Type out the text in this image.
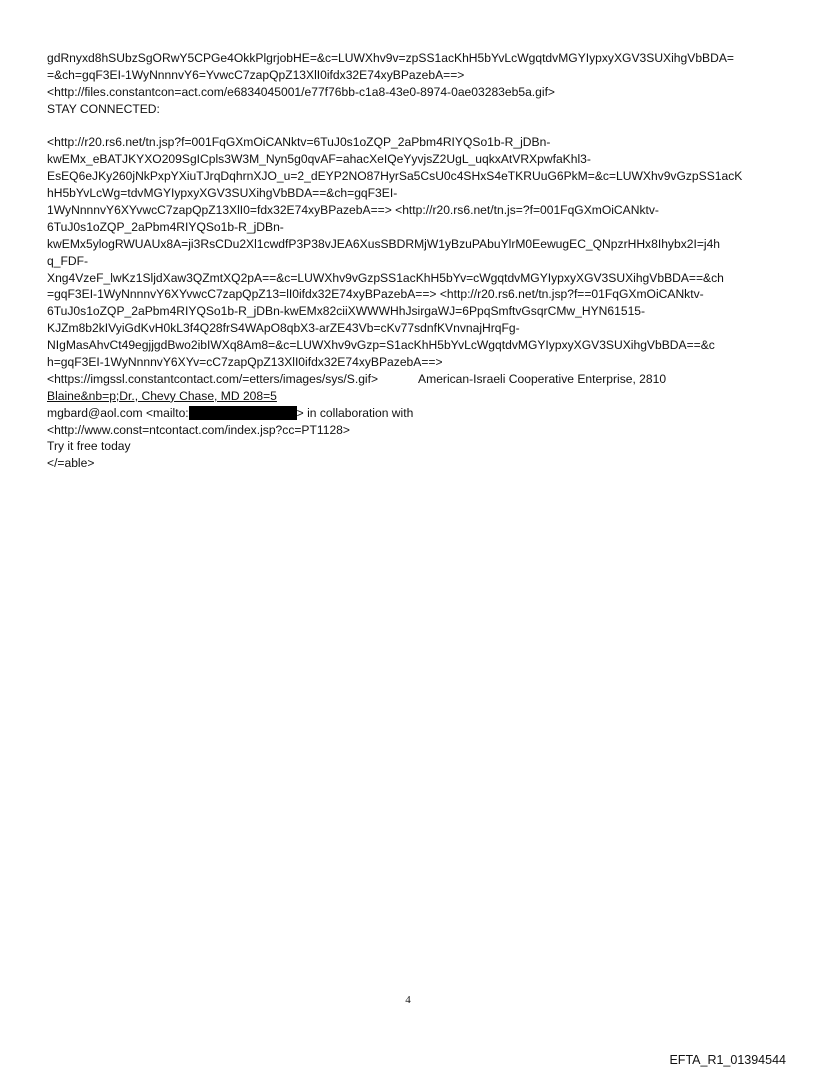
gdRnyxd8hSUbzSgORwY5CPGe4OkkPlgrjobHE=&c=LUWXhv9v=zpSS1acKhH5bYvLcWgqtdvMGYIypxyXGV3SUXihgVbBDA=
=&ch=gqF3EI-1WyNnnnvY6=YvwcC7zapQpZ13XlI0ifdx32E74xyBPazebA==>
<http://files.constantcon=act.com/e6834045001/e77f76bb-c1a8-43e0-8974-0ae03283eb5a.gif>
STAY CONNECTED:
<http://r20.rs6.net/tn.jsp?f=001FqGXmOiCANktv=6TuJ0s1oZQP_2aPbm4RIYQSo1b-R_jDBn-
kwEMx_eBATJKYXO209SgICpls3W3M_Nyn5g0qvAF=ahacXeIQeYyvjsZ2UgL_uqkxAtVRXpwfaKhl3-
EsEQ6eJKy260jNkPxpYXiuTJrqDqhrnXJO_u=2_dEYP2NO87HyrSa5CsU0c4SHxS4eTKRUuG6PkM=&c=LUWXhv9vGzpSS1acK
hH5bYvLcWg=tdvMGYIypxyXGV3SUXihgVbBDA==&ch=gqF3EI-
1WyNnnnvY6XYvwcC7zapQpZ13XlI0=fdx32E74xyBPazebA==> <http://r20.rs6.net/tn.js=?f=001FqGXmOiCANktv-
6TuJ0s1oZQP_2aPbm4RIYQSo1b-R_jDBn-
kwEMx5ylogRWUAUx8A=ji3RsCDu2Xl1cwdfP3P38vJEA6XusSBDRMjW1yBzuPAbuYlrM0EewugEC_QNpzrHHx8Ihybx2I=j4h
q_FDF-
Xng4VzeF_lwKz1SljdXaw3QZmtXQ2pA==&c=LUWXhv9vGzpSS1acKhH5bYv=cWgqtdvMGYIypxyXGV3SUXihgVbBDA==&ch
=gqF3EI-1WyNnnnvY6XYvwcC7zapQpZ13=lI0ifdx32E74xyBPazebA==> <http://r20.rs6.net/tn.jsp?f==01FqGXmOiCANktv-
6TuJ0s1oZQP_2aPbm4RIYQSo1b-R_jDBn-kwEMx82ciiXWWWHhJsirgaWJ=6PpqSmftvGsqrCMw_HYN61515-
KJZm8b2kIVyiGdKvH0kL3f4Q28frS4WApO8qbX3-arZE43Vb=cKv77sdnfKVnvnajHrqFg-
NIgMasAhvCt49egjjgdBwo2ibIWXq8Am8=&c=LUWXhv9vGzp=S1acKhH5bYvLcWgqtdvMGYIypxyXGV3SUXihgVbBDA==&c
h=gqF3EI-1WyNnnnvY6XYv=cC7zapQpZ13XlI0ifdx32E74xyBPazebA==>
<https://imgssl.constantcontact.com/=etters/images/sys/S.gif>	American-Israeli Cooperative Enterprise, 2810
Blaine&nb=p;Dr., Chevy Chase, MD 208=5
mgbard@aol.com <mailto:	> in collaboration with
<http://www.const=ntcontact.com/index.jsp?cc=PT1128>
Try it free today
</=able>
4
EFTA_R1_01394544
